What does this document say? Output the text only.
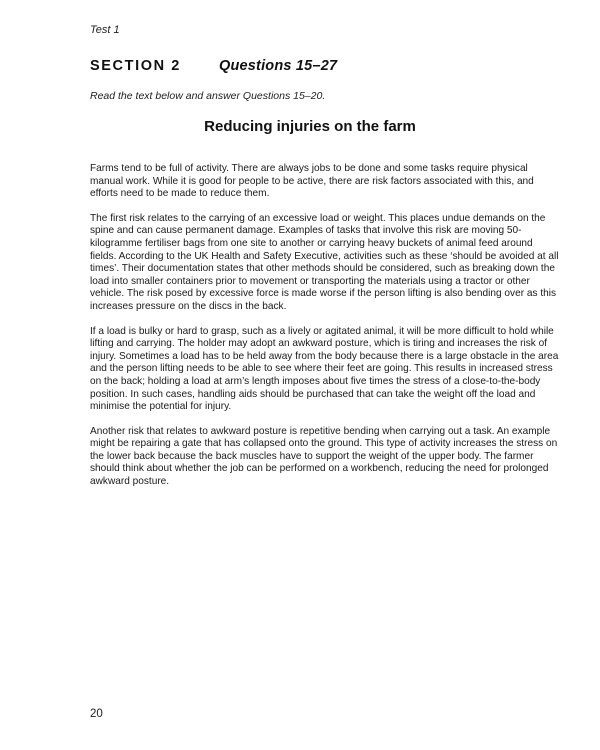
Test 1
SECTION 2	Questions 15–27
Read the text below and answer Questions 15–20.
Reducing injuries on the farm

Farms tend to be full of activity. There are always jobs to be done and some tasks require physical manual work. While it is good for people to be active, there are risk factors associated with this, and efforts need to be made to reduce them.

The first risk relates to the carrying of an excessive load or weight. This places undue demands on the spine and can cause permanent damage. Examples of tasks that involve this risk are moving 50-kilogramme fertiliser bags from one site to another or carrying heavy buckets of animal feed around fields. According to the UK Health and Safety Executive, activities such as these ‘should be avoided at all times’. Their documentation states that other methods should be considered, such as breaking down the load into smaller containers prior to movement or transporting the materials using a tractor or other vehicle. The risk posed by excessive force is made worse if the person lifting is also bending over as this increases pressure on the discs in the back.

If a load is bulky or hard to grasp, such as a lively or agitated animal, it will be more difficult to hold while lifting and carrying. The holder may adopt an awkward posture, which is tiring and increases the risk of injury. Sometimes a load has to be held away from the body because there is a large obstacle in the area and the person lifting needs to be able to see where their feet are going. This results in increased stress on the back; holding a load at arm’s length imposes about five times the stress of a close-to-the-body position. In such cases, handling aids should be purchased that can take the weight off the load and minimise the potential for injury.

Another risk that relates to awkward posture is repetitive bending when carrying out a task. An example might be repairing a gate that has collapsed onto the ground. This type of activity increases the stress on the lower back because the back muscles have to support the weight of the upper body. The farmer should think about whether the job can be performed on a workbench, reducing the need for prolonged awkward posture.

20
